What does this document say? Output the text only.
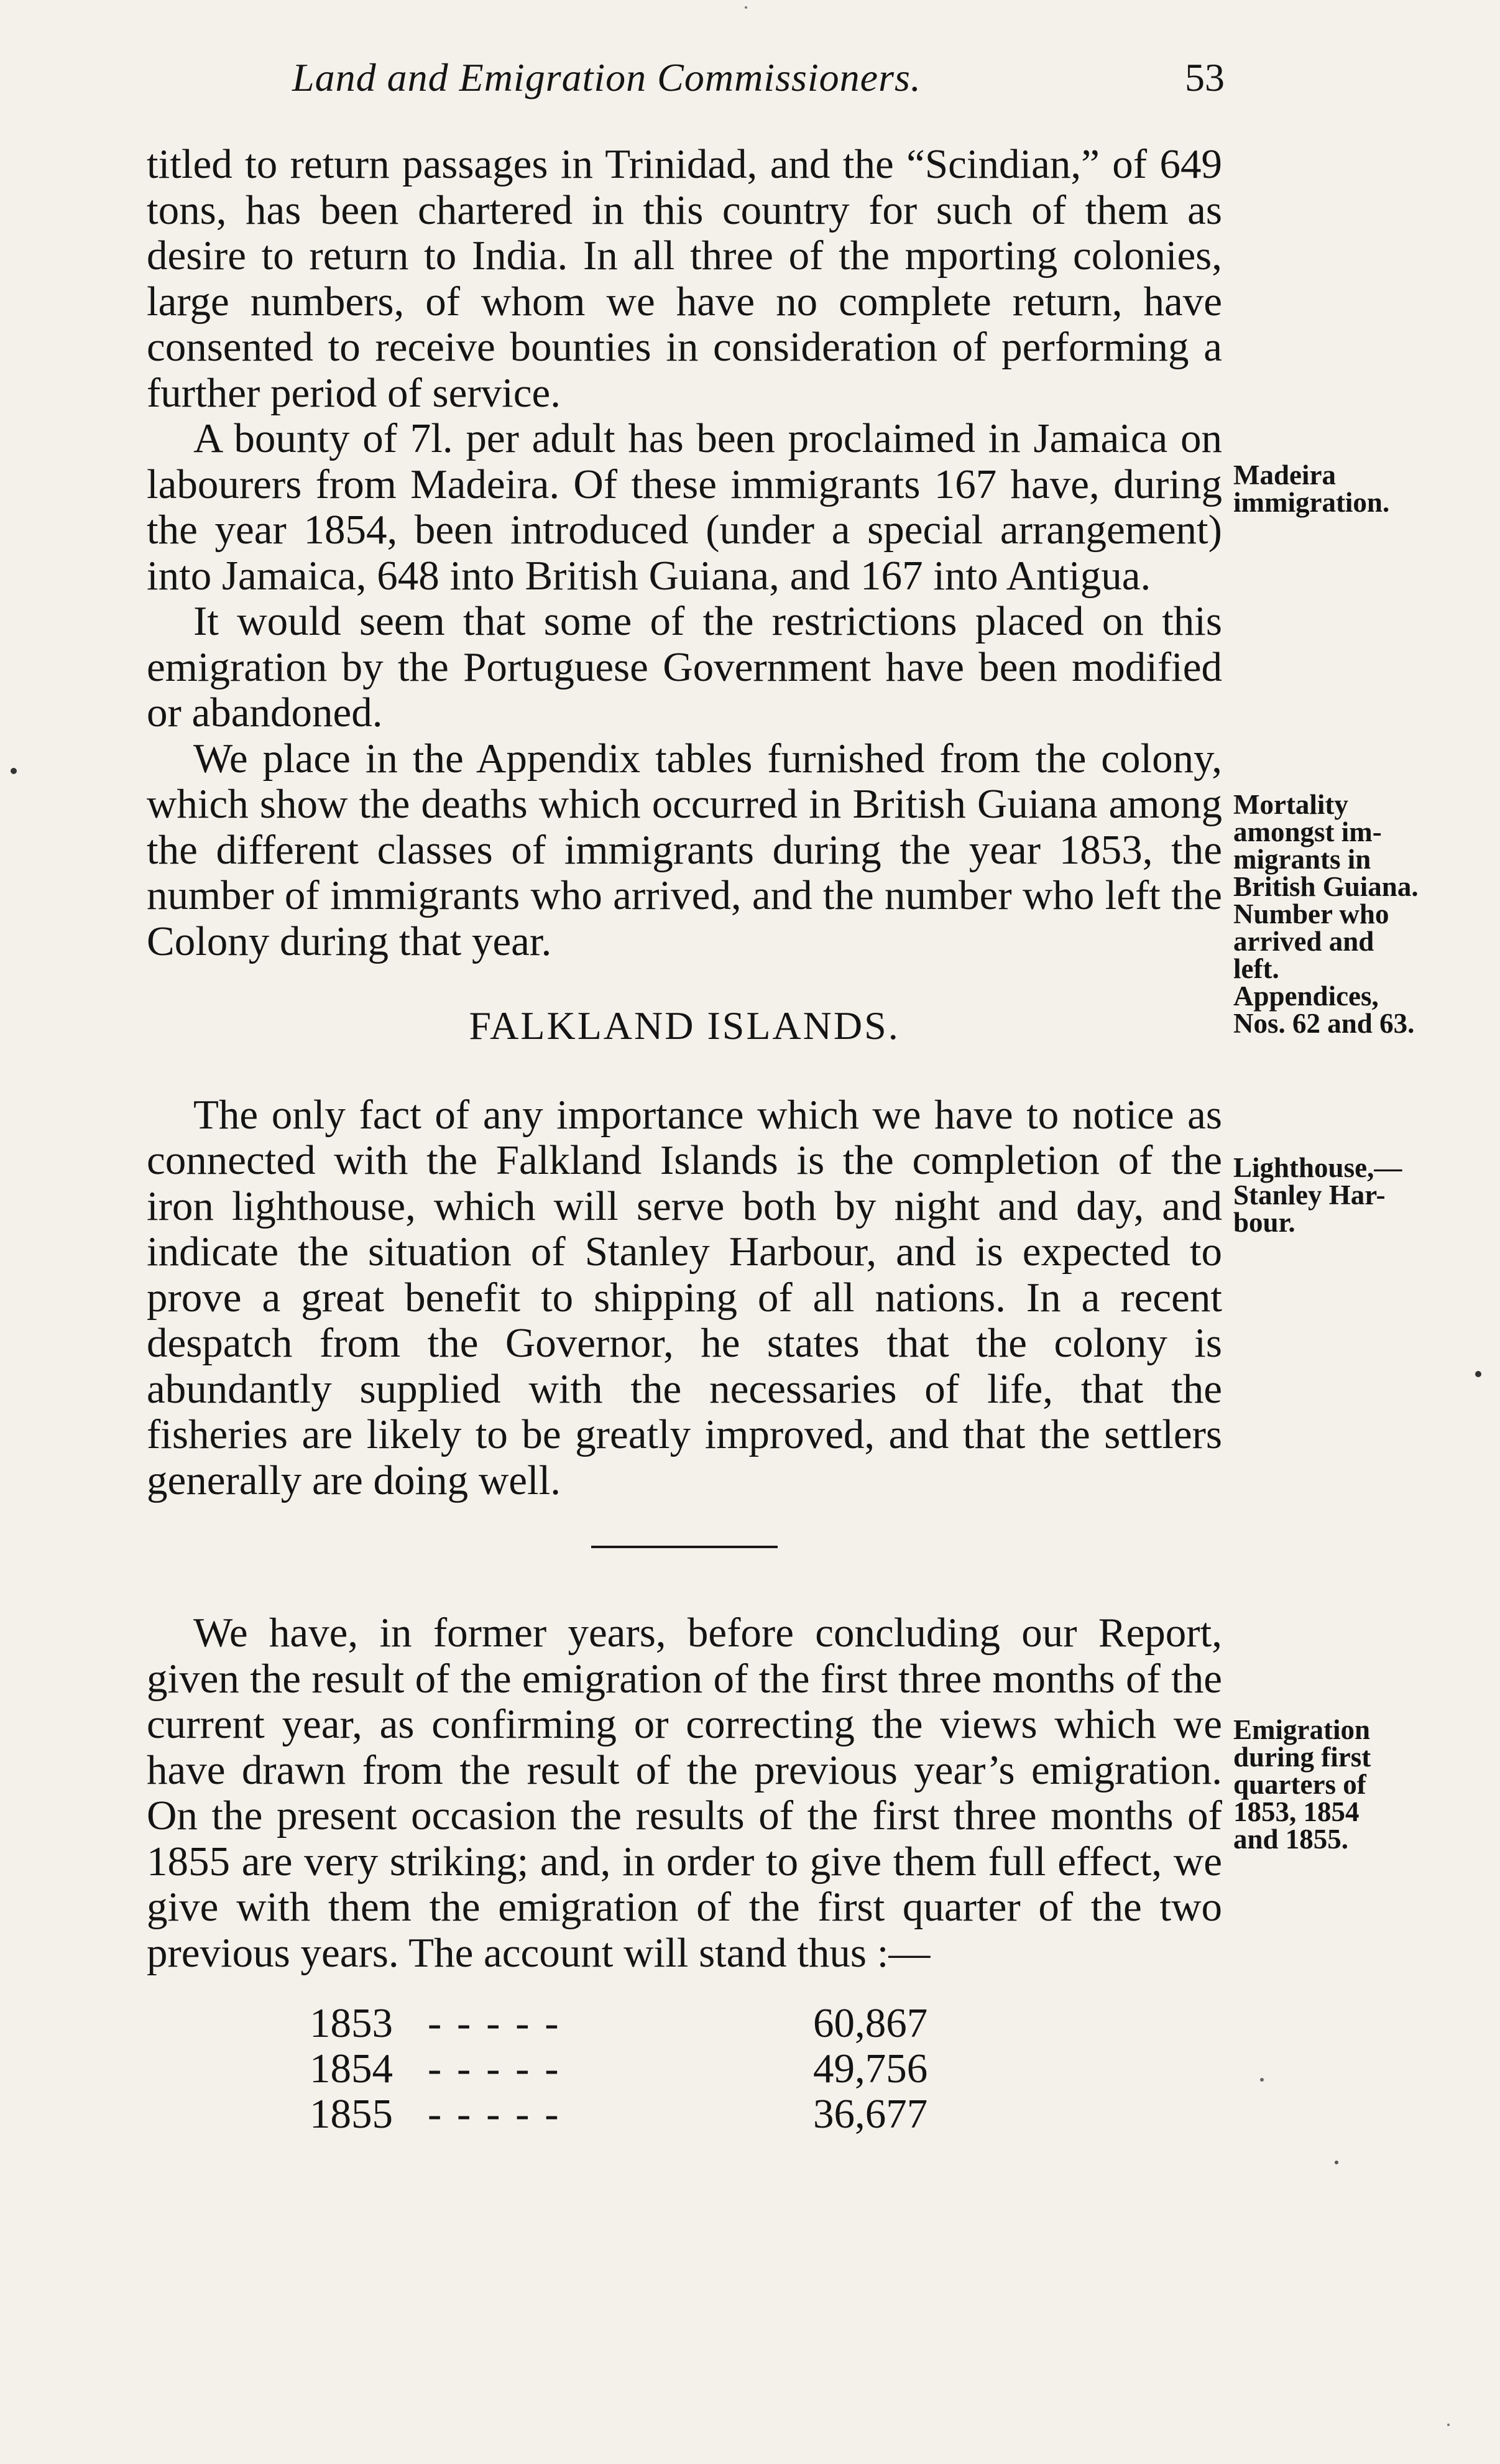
Land and Emigration Commissioners.	53

titled to return passages in Trinidad, and the “Scindian,” of 649 tons, has been chartered in this country for such of them as desire to return to India. In all three of the mporting colonies, large numbers, of whom we have no complete return, have consented to receive bounties in consideration of performing a further period of service.

A bounty of 7l. per adult has been proclaimed in Jamaica on labourers from Madeira. Of these immigrants 167 have, during the year 1854, been introduced (under a special arrangement) into Jamaica, 648 into British Guiana, and 167 into Antigua.

It would seem that some of the restrictions placed on this emigration by the Portuguese Government have been modified or abandoned.

We place in the Appendix tables furnished from the colony, which show the deaths which occurred in British Guiana among the different classes of immigrants during the year 1853, the number of immigrants who arrived, and the number who left the Colony during that year.

FALKLAND ISLANDS.

The only fact of any importance which we have to notice as connected with the Falkland Islands is the completion of the iron lighthouse, which will serve both by night and day, and indicate the situation of Stanley Harbour, and is expected to prove a great benefit to shipping of all nations. In a recent despatch from the Governor, he states that the colony is abundantly supplied with the necessaries of life, that the fisheries are likely to be greatly improved, and that the settlers generally are doing well.

We have, in former years, before concluding our Report, given the result of the emigration of the first three months of the current year, as confirming or correcting the views which we have drawn from the result of the previous year’s emigration. On the present occasion the results of the first three months of 1855 are very striking; and, in order to give them full effect, we give with them the emigration of the first quarter of the two previous years. The account will stand thus :—

1853 - - - - -	60,867
1854 - - - - -	49,756
1855 - - - - -	36,677
Madeira
immigration.
Mortality
amongst im-
migrants in
British Guiana.
Number who
arrived and
left.
Appendices,
Nos. 62 and 63.
Lighthouse,—
Stanley Har-
bour.
Emigration
during first
quarters of
1853, 1854
and 1855.
